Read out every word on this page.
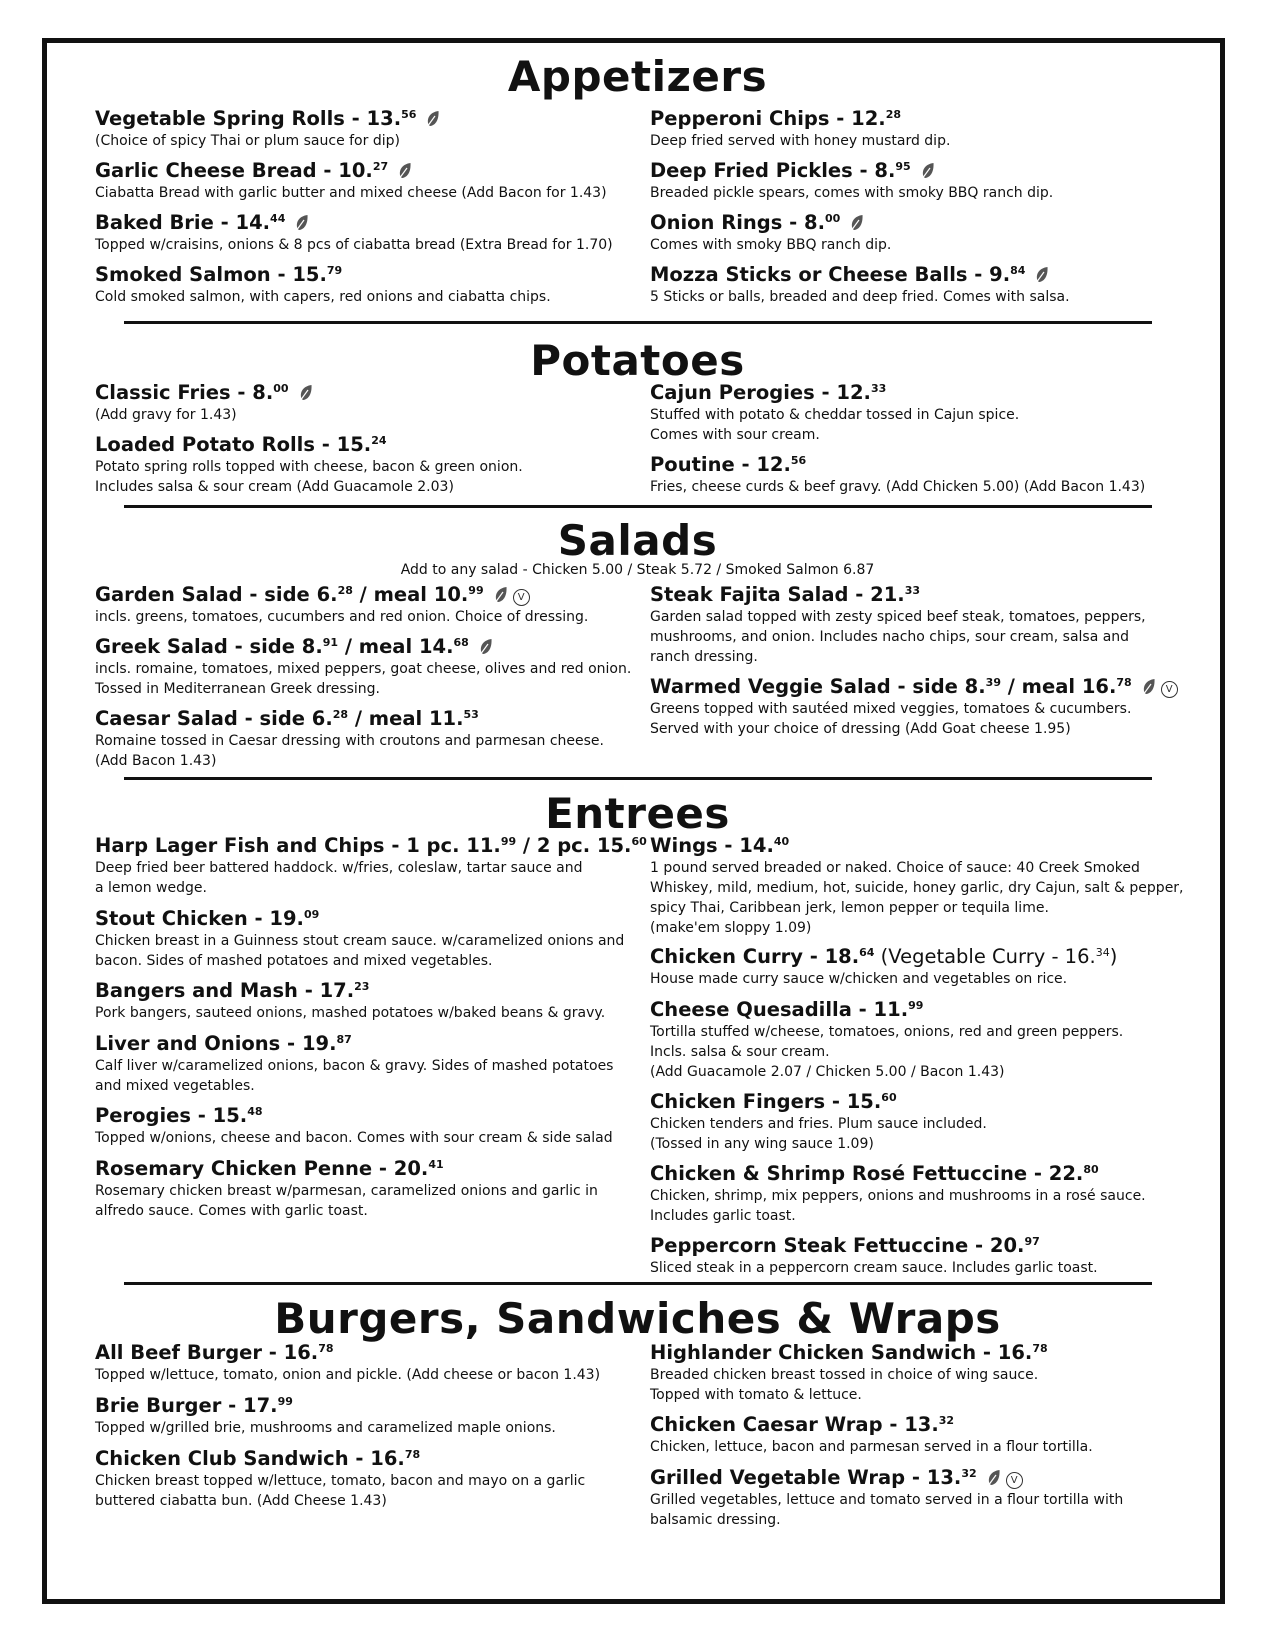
Appetizers
Vegetable Spring Rolls - 13.56
(Choice of spicy Thai or plum sauce for dip)
Garlic Cheese Bread - 10.27
Ciabatta Bread with garlic butter and mixed cheese (Add Bacon for 1.43)
Baked Brie - 14.44
Topped w/craisins, onions & 8 pcs of ciabatta bread (Extra Bread for 1.70)
Smoked Salmon - 15.79
Cold smoked salmon, with capers, red onions and ciabatta chips.
Pepperoni Chips - 12.28
Deep fried served with honey mustard dip.
Deep Fried Pickles - 8.95
Breaded pickle spears, comes with smoky BBQ ranch dip.
Onion Rings - 8.00
Comes with smoky BBQ ranch dip.
Mozza Sticks or Cheese Balls - 9.84
5 Sticks or balls, breaded and deep fried. Comes with salsa.
Potatoes
Classic Fries - 8.00
(Add gravy for 1.43)
Loaded Potato Rolls - 15.24
Potato spring rolls topped with cheese, bacon & green onion.
Includes salsa & sour cream (Add Guacamole 2.03)
Cajun Perogies - 12.33
Stuffed with potato & cheddar tossed in Cajun spice.
Comes with sour cream.
Poutine - 12.56
Fries, cheese curds & beef gravy. (Add Chicken 5.00) (Add Bacon 1.43)
Salads
Add to any salad - Chicken 5.00 / Steak 5.72 / Smoked Salmon 6.87
Garden Salad - side 6.28 / meal 10.99V
incls. greens, tomatoes, cucumbers and red onion. Choice of dressing.
Greek Salad - side 8.91 / meal 14.68
incls. romaine, tomatoes, mixed peppers, goat cheese, olives and red onion.
Tossed in Mediterranean Greek dressing.
Caesar Salad - side 6.28 / meal 11.53
Romaine tossed in Caesar dressing with croutons and parmesan cheese.
(Add Bacon 1.43)
Steak Fajita Salad - 21.33
Garden salad topped with zesty spiced beef steak, tomatoes, peppers,
mushrooms, and onion. Includes nacho chips, sour cream, salsa and
ranch dressing.
Warmed Veggie Salad - side 8.39 / meal 16.78V
Greens topped with sautéed mixed veggies, tomatoes & cucumbers.
Served with your choice of dressing (Add Goat cheese 1.95)
Entrees
Harp Lager Fish and Chips - 1 pc. 11.99 / 2 pc. 15.60
Deep fried beer battered haddock. w/fries, coleslaw, tartar sauce and
a lemon wedge.
Stout Chicken - 19.09
Chicken breast in a Guinness stout cream sauce. w/caramelized onions and
bacon. Sides of mashed potatoes and mixed vegetables.
Bangers and Mash - 17.23
Pork bangers, sauteed onions, mashed potatoes w/baked beans & gravy.
Liver and Onions - 19.87
Calf liver w/caramelized onions, bacon & gravy. Sides of mashed potatoes
and mixed vegetables.
Perogies - 15.48
Topped w/onions, cheese and bacon. Comes with sour cream & side salad
Rosemary Chicken Penne - 20.41
Rosemary chicken breast w/parmesan, caramelized onions and garlic in
alfredo sauce. Comes with garlic toast.
Wings - 14.40
1 pound served breaded or naked. Choice of sauce: 40 Creek Smoked
Whiskey, mild, medium, hot, suicide, honey garlic, dry Cajun, salt & pepper,
spicy Thai, Caribbean jerk, lemon pepper or tequila lime.
(make'em sloppy 1.09)
Chicken Curry - 18.64 (Vegetable Curry - 16.34)
House made curry sauce w/chicken and vegetables on rice.
Cheese Quesadilla - 11.99
Tortilla stuffed w/cheese, tomatoes, onions, red and green peppers.
Incls. salsa & sour cream.
(Add Guacamole 2.07 / Chicken 5.00 / Bacon 1.43)
Chicken Fingers - 15.60
Chicken tenders and fries. Plum sauce included.
(Tossed in any wing sauce 1.09)
Chicken & Shrimp Rosé Fettuccine - 22.80
Chicken, shrimp, mix peppers, onions and mushrooms in a rosé sauce.
Includes garlic toast.
Peppercorn Steak Fettuccine - 20.97
Sliced steak in a peppercorn cream sauce. Includes garlic toast.
Burgers, Sandwiches & Wraps
All Beef Burger - 16.78
Topped w/lettuce, tomato, onion and pickle. (Add cheese or bacon 1.43)
Brie Burger - 17.99
Topped w/grilled brie, mushrooms and caramelized maple onions.
Chicken Club Sandwich - 16.78
Chicken breast topped w/lettuce, tomato, bacon and mayo on a garlic
buttered ciabatta bun. (Add Cheese 1.43)
Highlander Chicken Sandwich - 16.78
Breaded chicken breast tossed in choice of wing sauce.
Topped with tomato & lettuce.
Chicken Caesar Wrap - 13.32
Chicken, lettuce, bacon and parmesan served in a flour tortilla.
Grilled Vegetable Wrap - 13.32V
Grilled vegetables, lettuce and tomato served in a flour tortilla with
balsamic dressing.
